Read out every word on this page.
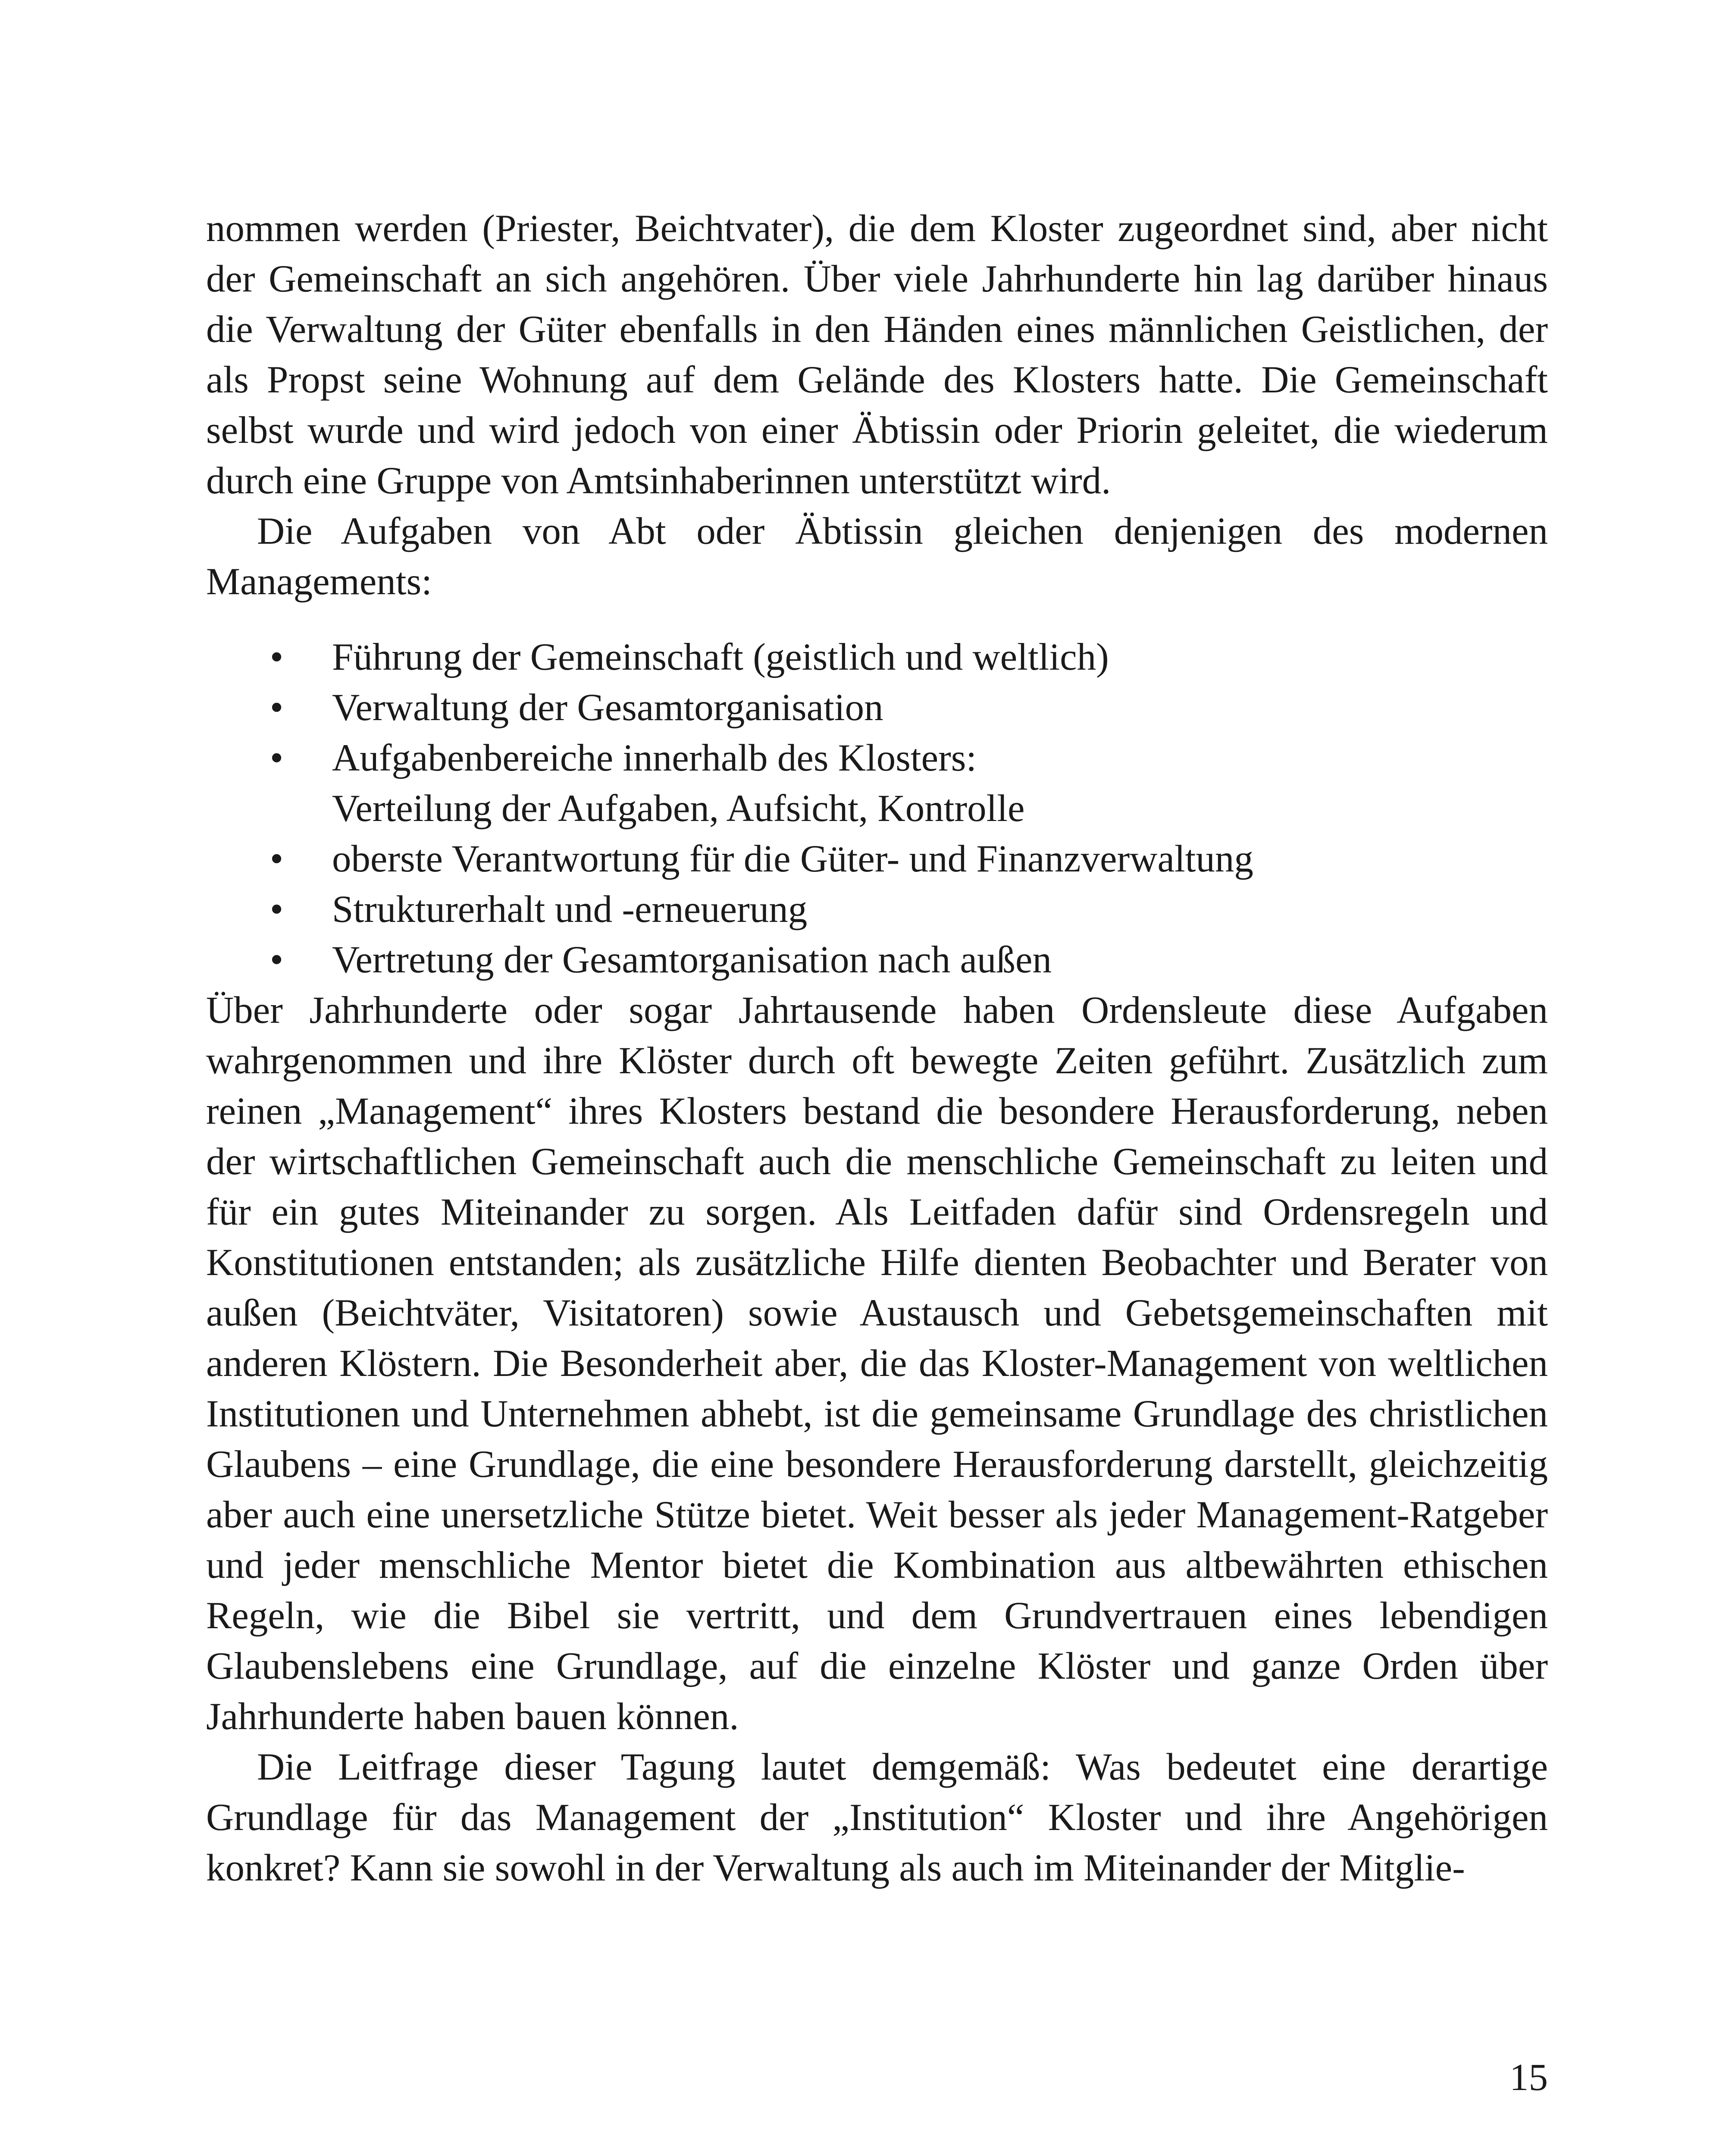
nommen werden (Priester, Beichtvater), die dem Kloster zugeordnet sind, aber nicht der Gemeinschaft an sich angehören. Über viele Jahrhunderte hin lag darüber hinaus die Verwaltung der Güter ebenfalls in den Händen eines männlichen Geistlichen, der als Propst seine Wohnung auf dem Gelände des Klosters hatte. Die Gemeinschaft selbst wurde und wird jedoch von einer Äbtissin oder Priorin geleitet, die wiederum durch eine Gruppe von Amtsinhaberinnen unterstützt wird.

Die Aufgaben von Abt oder Äbtissin gleichen denjenigen des modernen Managements:

• Führung der Gemeinschaft (geistlich und weltlich)
• Verwaltung der Gesamtorganisation
• Aufgabenbereiche innerhalb des Klosters:
Verteilung der Aufgaben, Aufsicht, Kontrolle
• oberste Verantwortung für die Güter- und Finanzverwaltung
• Strukturerhalt und -erneuerung
• Vertretung der Gesamtorganisation nach außen

Über Jahrhunderte oder sogar Jahrtausende haben Ordensleute diese Aufgaben wahrgenommen und ihre Klöster durch oft bewegte Zeiten geführt. Zusätzlich zum reinen „Management“ ihres Klosters bestand die besondere Herausforderung, neben der wirtschaftlichen Gemeinschaft auch die menschliche Gemeinschaft zu leiten und für ein gutes Miteinander zu sorgen. Als Leitfaden dafür sind Ordensregeln und Konstitutionen entstanden; als zusätzliche Hilfe dienten Beobachter und Berater von außen (Beichtväter, Visitatoren) sowie Austausch und Gebetsgemeinschaften mit anderen Klöstern. Die Besonderheit aber, die das Kloster-Management von weltlichen Institutionen und Unternehmen abhebt, ist die gemeinsame Grundlage des christlichen Glaubens – eine Grundlage, die eine besondere Herausforderung darstellt, gleichzeitig aber auch eine unersetzliche Stütze bietet. Weit besser als jeder Management-Ratgeber und jeder menschliche Mentor bietet die Kombination aus altbewährten ethischen Regeln, wie die Bibel sie vertritt, und dem Grundvertrauen eines lebendigen Glaubenslebens eine Grundlage, auf die einzelne Klöster und ganze Orden über Jahrhunderte haben bauen können.

Die Leitfrage dieser Tagung lautet demgemäß: Was bedeutet eine derartige Grundlage für das Management der „Institution“ Kloster und ihre Angehörigen konkret? Kann sie sowohl in der Verwaltung als auch im Miteinander der Mitglie-

15
